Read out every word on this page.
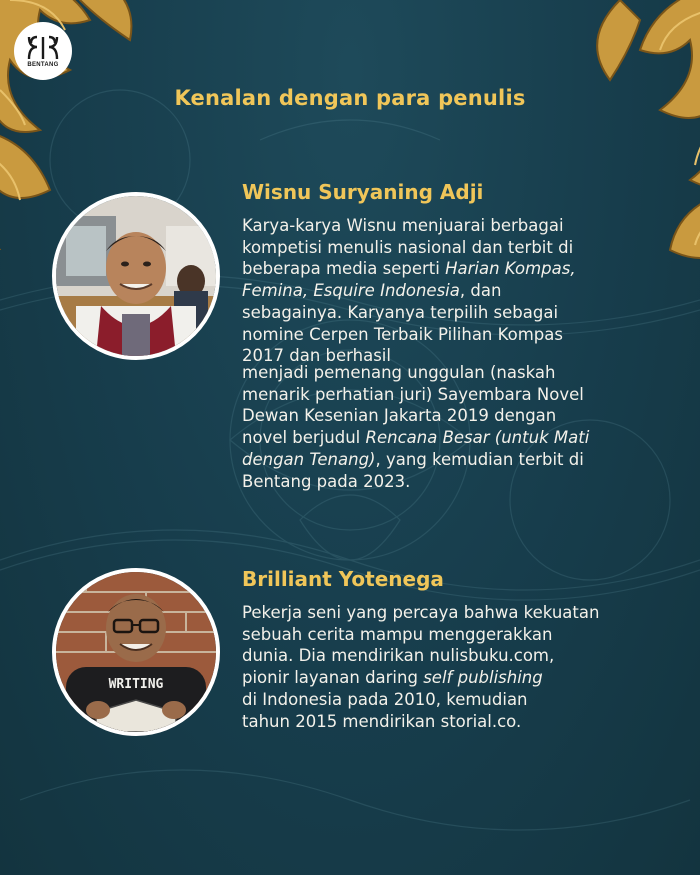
BENTANG
Kenalan dengan para penulis
Wisnu Suryaning Adji
Karya-karya Wisnu menjuarai berbagai
kompetisi menulis nasional dan terbit di
beberapa media seperti Harian Kompas,
Femina, Esquire Indonesia, dan
sebagainya. Karyanya terpilih sebagai
nomine Cerpen Terbaik Pilihan Kompas
2017 dan berhasil
menjadi pemenang unggulan (naskah
menarik perhatian juri) Sayembara Novel
Dewan Kesenian Jakarta 2019 dengan
novel berjudul Rencana Besar (untuk Mati
dengan Tenang), yang kemudian terbit di
Bentang pada 2023.
WRITING
Brilliant Yotenega
Pekerja seni yang percaya bahwa kekuatan
sebuah cerita mampu menggerakkan
dunia. Dia mendirikan nulisbuku.com,
pionir layanan daring self publishing
di Indonesia pada 2010, kemudian
tahun 2015 mendirikan storial.co.
